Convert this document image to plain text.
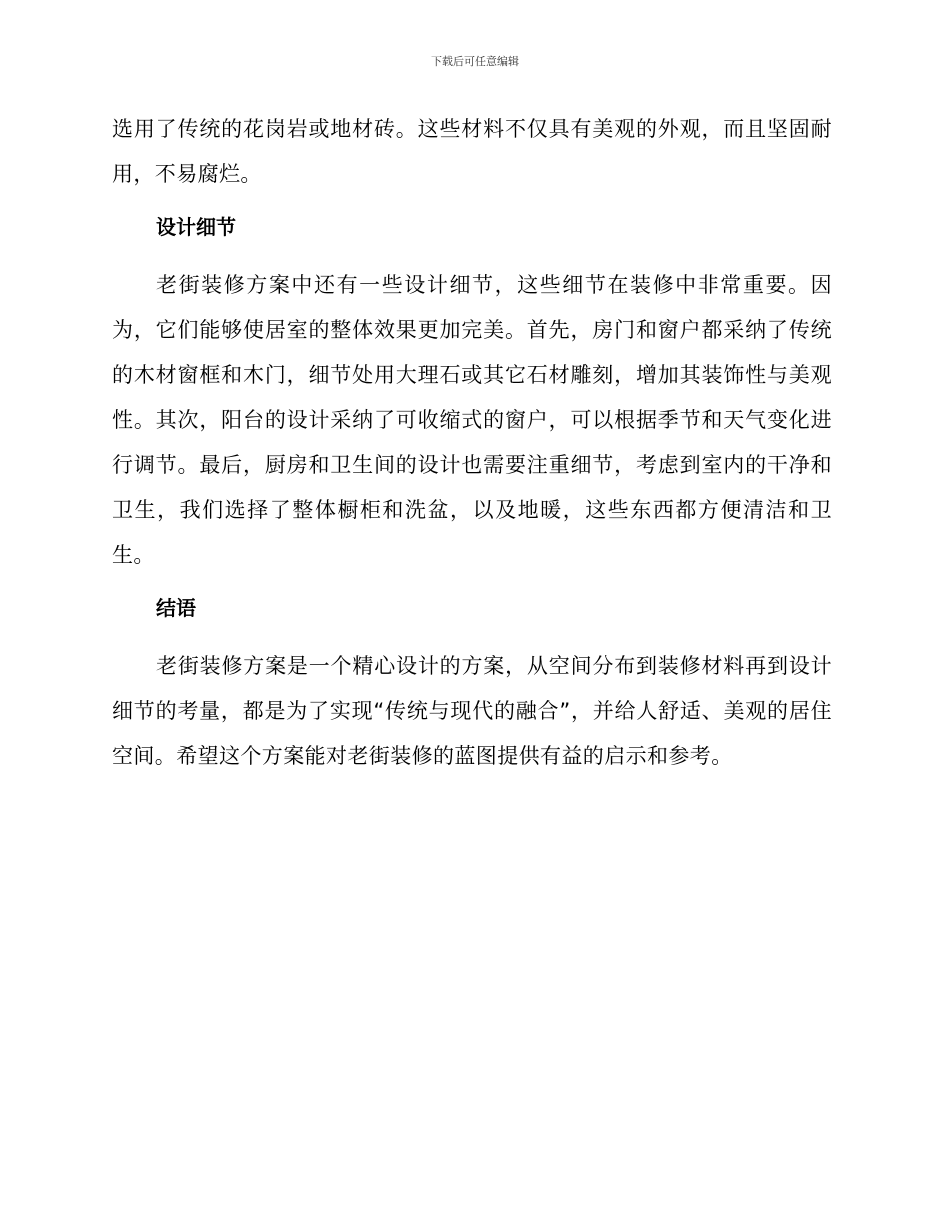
下载后可任意编辑

选用了传统的花岗岩或地材砖。这些材料不仅具有美观的外观，而且坚固耐用，不易腐烂。

设计细节

老街装修方案中还有一些设计细节，这些细节在装修中非常重要。因为，它们能够使居室的整体效果更加完美。首先，房门和窗户都采纳了传统的木材窗框和木门，细节处用大理石或其它石材雕刻，增加其装饰性与美观性。其次，阳台的设计采纳了可收缩式的窗户，可以根据季节和天气变化进行调节。最后，厨房和卫生间的设计也需要注重细节，考虑到室内的干净和卫生，我们选择了整体橱柜和洗盆，以及地暖，这些东西都方便清洁和卫生。

结语

老街装修方案是一个精心设计的方案，从空间分布到装修材料再到设计细节的考量，都是为了实现“传统与现代的融合”，并给人舒适、美观的居住空间。希望这个方案能对老街装修的蓝图提供有益的启示和参考。
